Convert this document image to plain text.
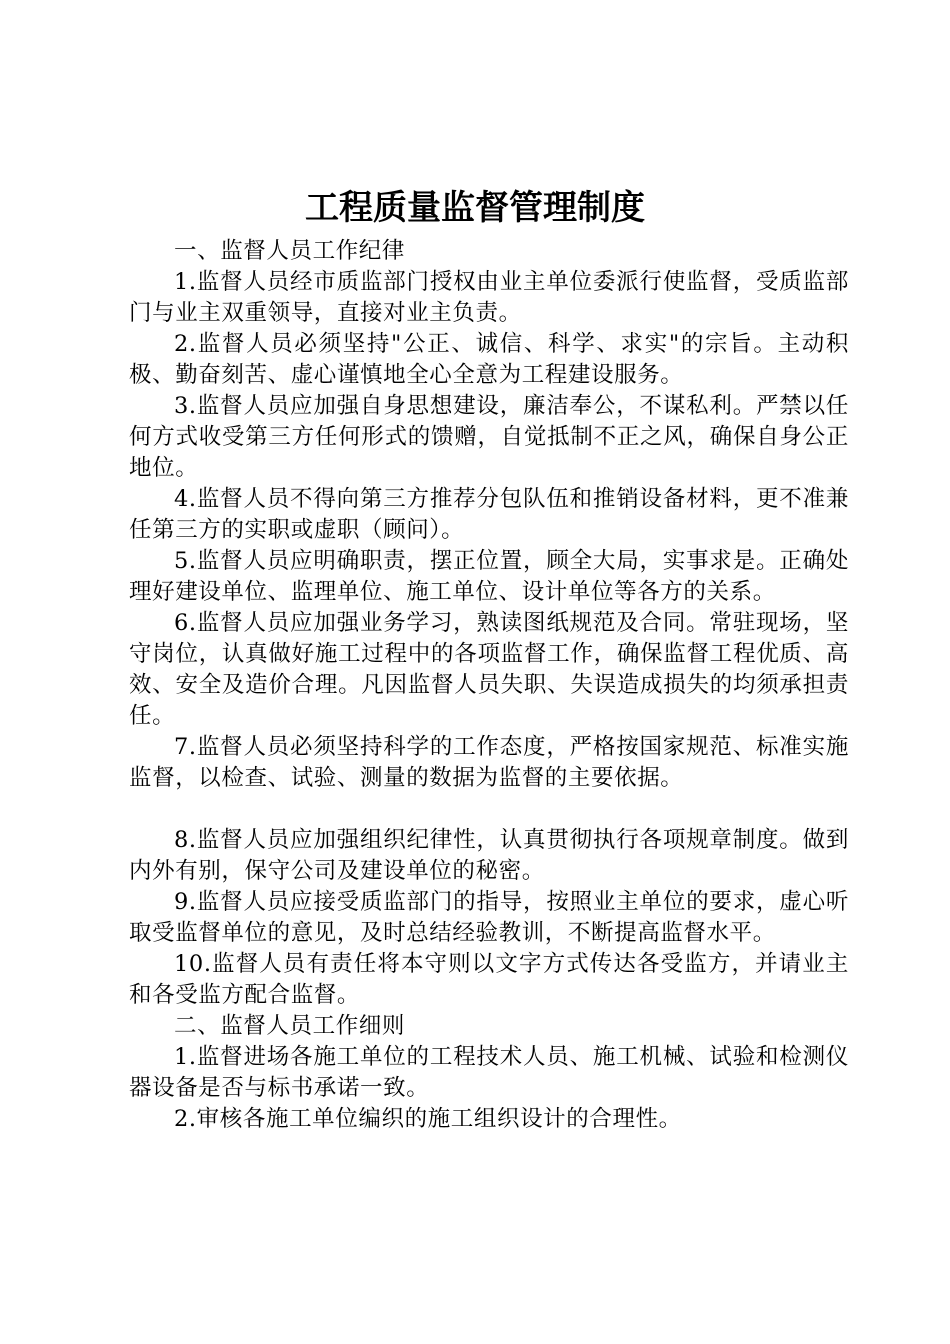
工程质量监督管理制度

一、监督人员工作纪律

1.监督人员经市质监部门授权由业主单位委派行使监督，受质监部门与业主双重领导，直接对业主负责。

2.监督人员必须坚持"公正、诚信、科学、求实"的宗旨。主动积极、勤奋刻苦、虚心谨慎地全心全意为工程建设服务。

3.监督人员应加强自身思想建设，廉洁奉公，不谋私利。严禁以任何方式收受第三方任何形式的馈赠，自觉抵制不正之风，确保自身公正地位。

4.监督人员不得向第三方推荐分包队伍和推销设备材料，更不准兼任第三方的实职或虚职（顾问）。

5.监督人员应明确职责，摆正位置，顾全大局，实事求是。正确处理好建设单位、监理单位、施工单位、设计单位等各方的关系。

6.监督人员应加强业务学习，熟读图纸规范及合同。常驻现场，坚守岗位，认真做好施工过程中的各项监督工作，确保监督工程优质、高效、安全及造价合理。凡因监督人员失职、失误造成损失的均须承担责任。

7.监督人员必须坚持科学的工作态度，严格按国家规范、标准实施监督，以检查、试验、测量的数据为监督的主要依据。

8.监督人员应加强组织纪律性，认真贯彻执行各项规章制度。做到内外有别，保守公司及建设单位的秘密。

9.监督人员应接受质监部门的指导，按照业主单位的要求，虚心听取受监督单位的意见，及时总结经验教训，不断提高监督水平。

10.监督人员有责任将本守则以文字方式传达各受监方，并请业主和各受监方配合监督。

二、监督人员工作细则

1.监督进场各施工单位的工程技术人员、施工机械、试验和检测仪器设备是否与标书承诺一致。

2.审核各施工单位编织的施工组织设计的合理性。
